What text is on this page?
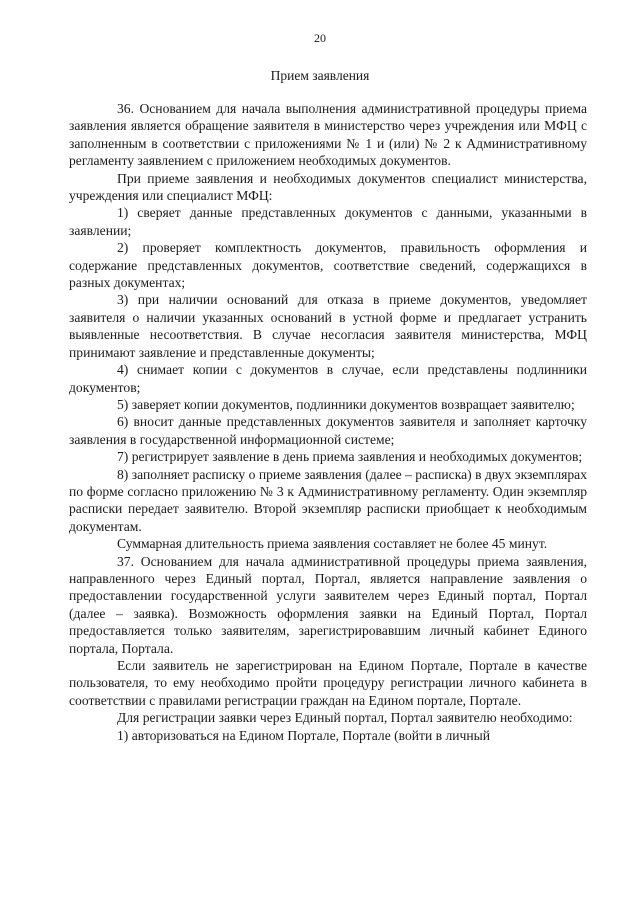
20
Прием заявления

36. Основанием для начала выполнения административной процедуры приема заявления является обращение заявителя в министерство через учреждения или МФЦ с заполненным в соответствии с приложениями № 1 и (или) № 2 к Административному регламенту заявлением с приложением необходимых документов.

При приеме заявления и необходимых документов специалист министерства, учреждения или специалист МФЦ:

1) сверяет данные представленных документов с данными, указанными в заявлении;

2) проверяет комплектность документов, правильность оформления и содержание представленных документов, соответствие сведений, содержащихся в разных документах;

3) при наличии оснований для отказа в приеме документов, уведомляет заявителя о наличии указанных оснований в устной форме и предлагает устранить выявленные несоответствия. В случае несогласия заявителя министерства, МФЦ принимают заявление и представленные документы;

4) снимает копии с документов в случае, если представлены подлинники документов;

5) заверяет копии документов, подлинники документов возвращает заявителю;

6) вносит данные представленных документов заявителя и заполняет карточку заявления в государственной информационной системе;

7) регистрирует заявление в день приема заявления и необходимых документов;

8) заполняет расписку о приеме заявления (далее – расписка) в двух экземплярах по форме согласно приложению № 3 к Административному регламенту. Один экземпляр расписки передает заявителю. Второй экземпляр расписки приобщает к необходимым документам.

Суммарная длительность приема заявления составляет не более 45 минут.

37. Основанием для начала административной процедуры приема заявления, направленного через Единый портал, Портал, является направление заявления о предоставлении государственной услуги заявителем через Единый портал, Портал (далее – заявка). Возможность оформления заявки на Единый Портал, Портал предоставляется только заявителям, зарегистрировавшим личный кабинет Единого портала, Портала.

Если заявитель не зарегистрирован на Едином Портале, Портале в качестве пользователя, то ему необходимо пройти процедуру регистрации личного кабинета в соответствии с правилами регистрации граждан на Едином портале, Портале.

Для регистрации заявки через Единый портал, Портал заявителю необходимо:

1) авторизоваться на Едином Портале, Портале (войти в личный
